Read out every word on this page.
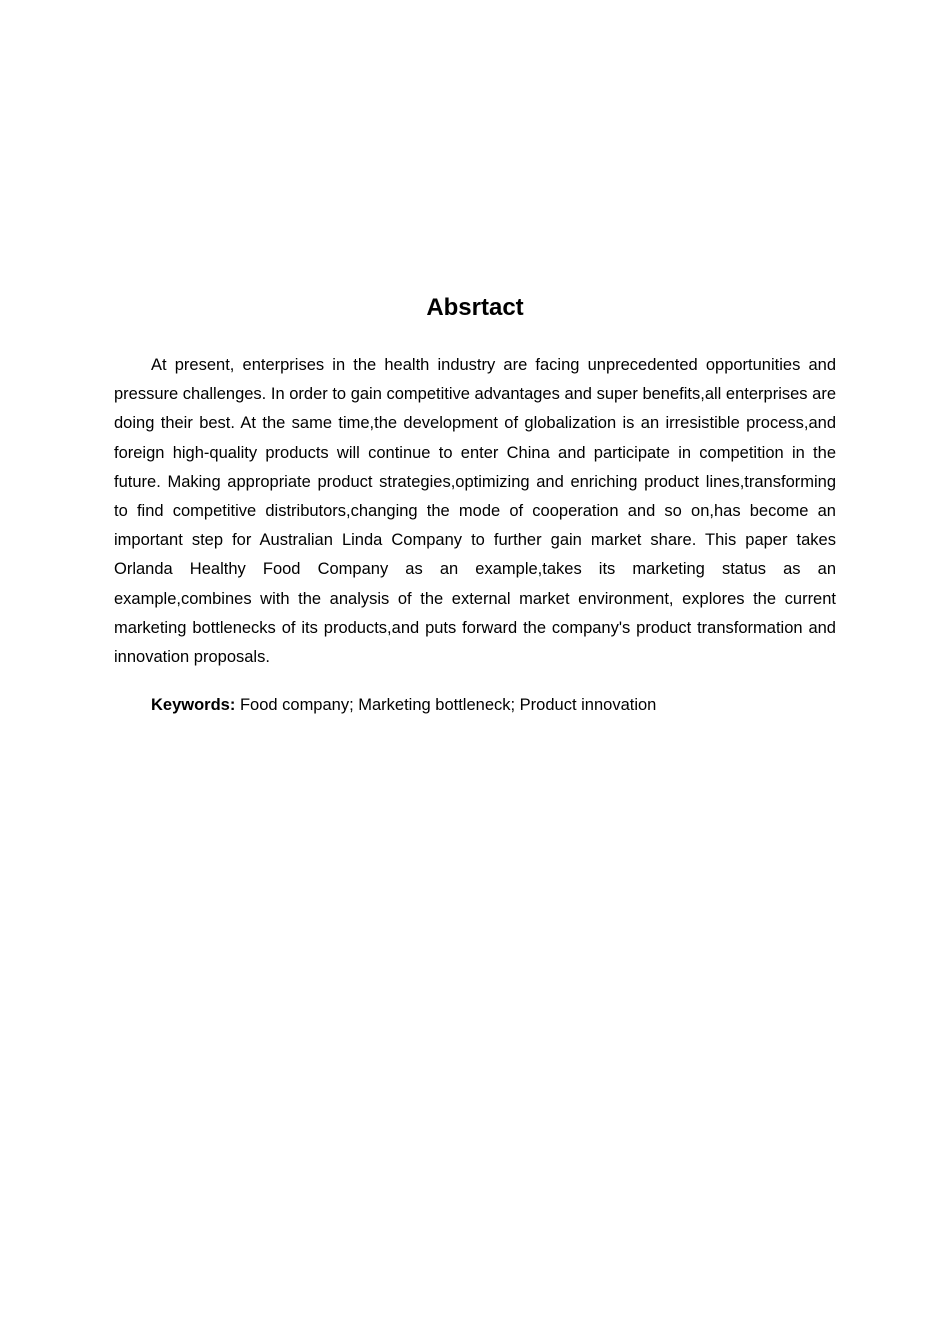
Absrtact

At present, enterprises in the health industry are facing unprecedented opportunities and pressure challenges. In order to gain competitive advantages and super benefits,all enterprises are doing their best. At the same time,the development of globalization is an irresistible process,and foreign high-quality products will continue to enter China and participate in competition in the future. Making appropriate product strategies,optimizing and enriching product lines,transforming to find competitive distributors,changing the mode of cooperation and so on,has become an important step for Australian Linda Company to further gain market share. This paper takes Orlanda Healthy Food Company as an example,takes its marketing status as an example,combines with the analysis of the external market environment, explores the current marketing bottlenecks of its products,and puts forward the company's product transformation and innovation proposals.

Keywords: Food company; Marketing bottleneck; Product innovation
